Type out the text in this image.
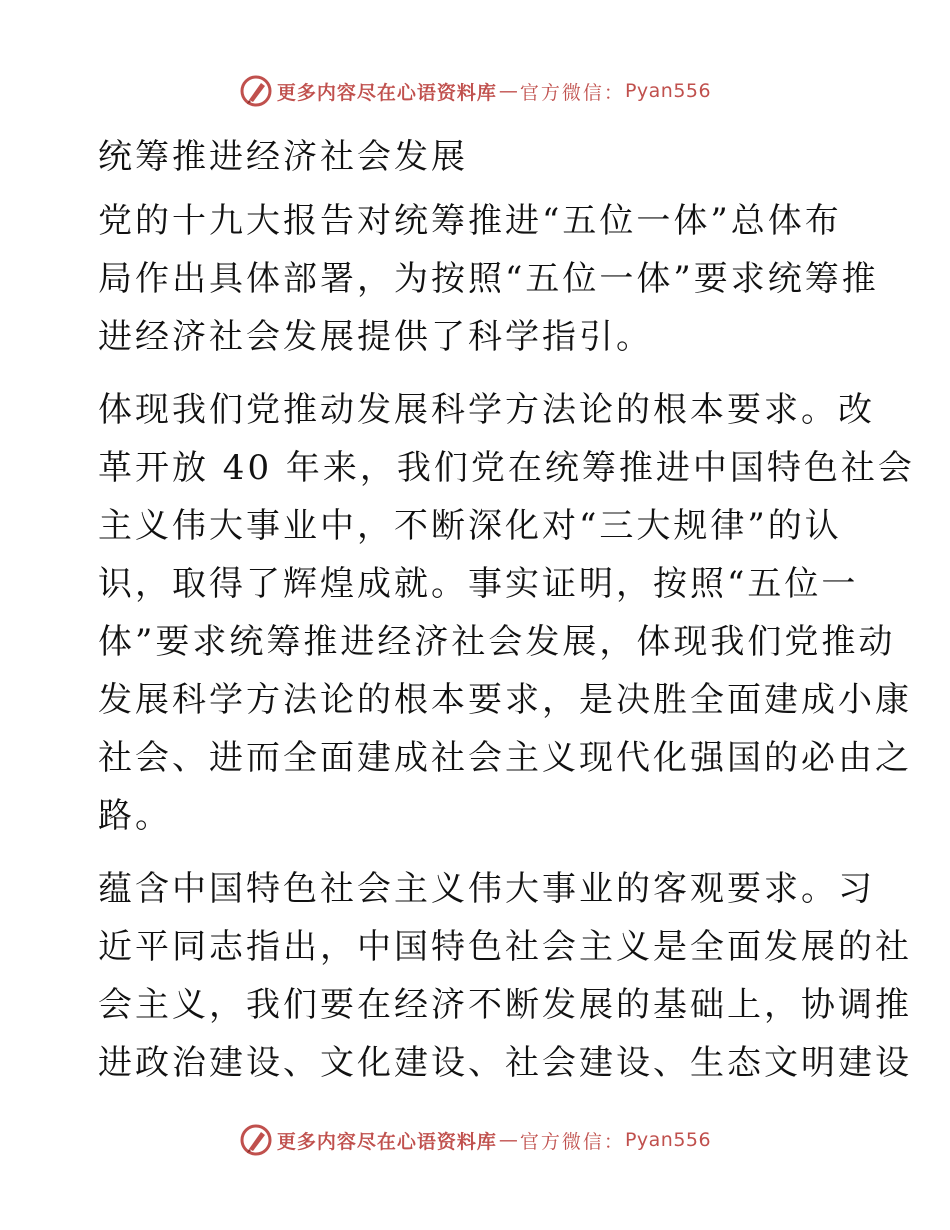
更多内容尽在心语资料库 — 官方微信： Pyan556

统筹推进经济社会发展

党的十九大报告对统筹推进“五位一体”总体布

局作出具体部署，为按照“五位一体”要求统筹推

进经济社会发展提供了科学指引。

体现我们党推动发展科学方法论的根本要求。改

革开放 40 年来，我们党在统筹推进中国特色社会

主义伟大事业中，不断深化对“三大规律”的认

识，取得了辉煌成就。事实证明，按照“五位一

体”要求统筹推进经济社会发展，体现我们党推动

发展科学方法论的根本要求，是决胜全面建成小康

社会、进而全面建成社会主义现代化强国的必由之

路。

蕴含中国特色社会主义伟大事业的客观要求。习

近平同志指出，中国特色社会主义是全面发展的社

会主义，我们要在经济不断发展的基础上，协调推

进政治建设、文化建设、社会建设、生态文明建设

更多内容尽在心语资料库 — 官方微信： Pyan556
